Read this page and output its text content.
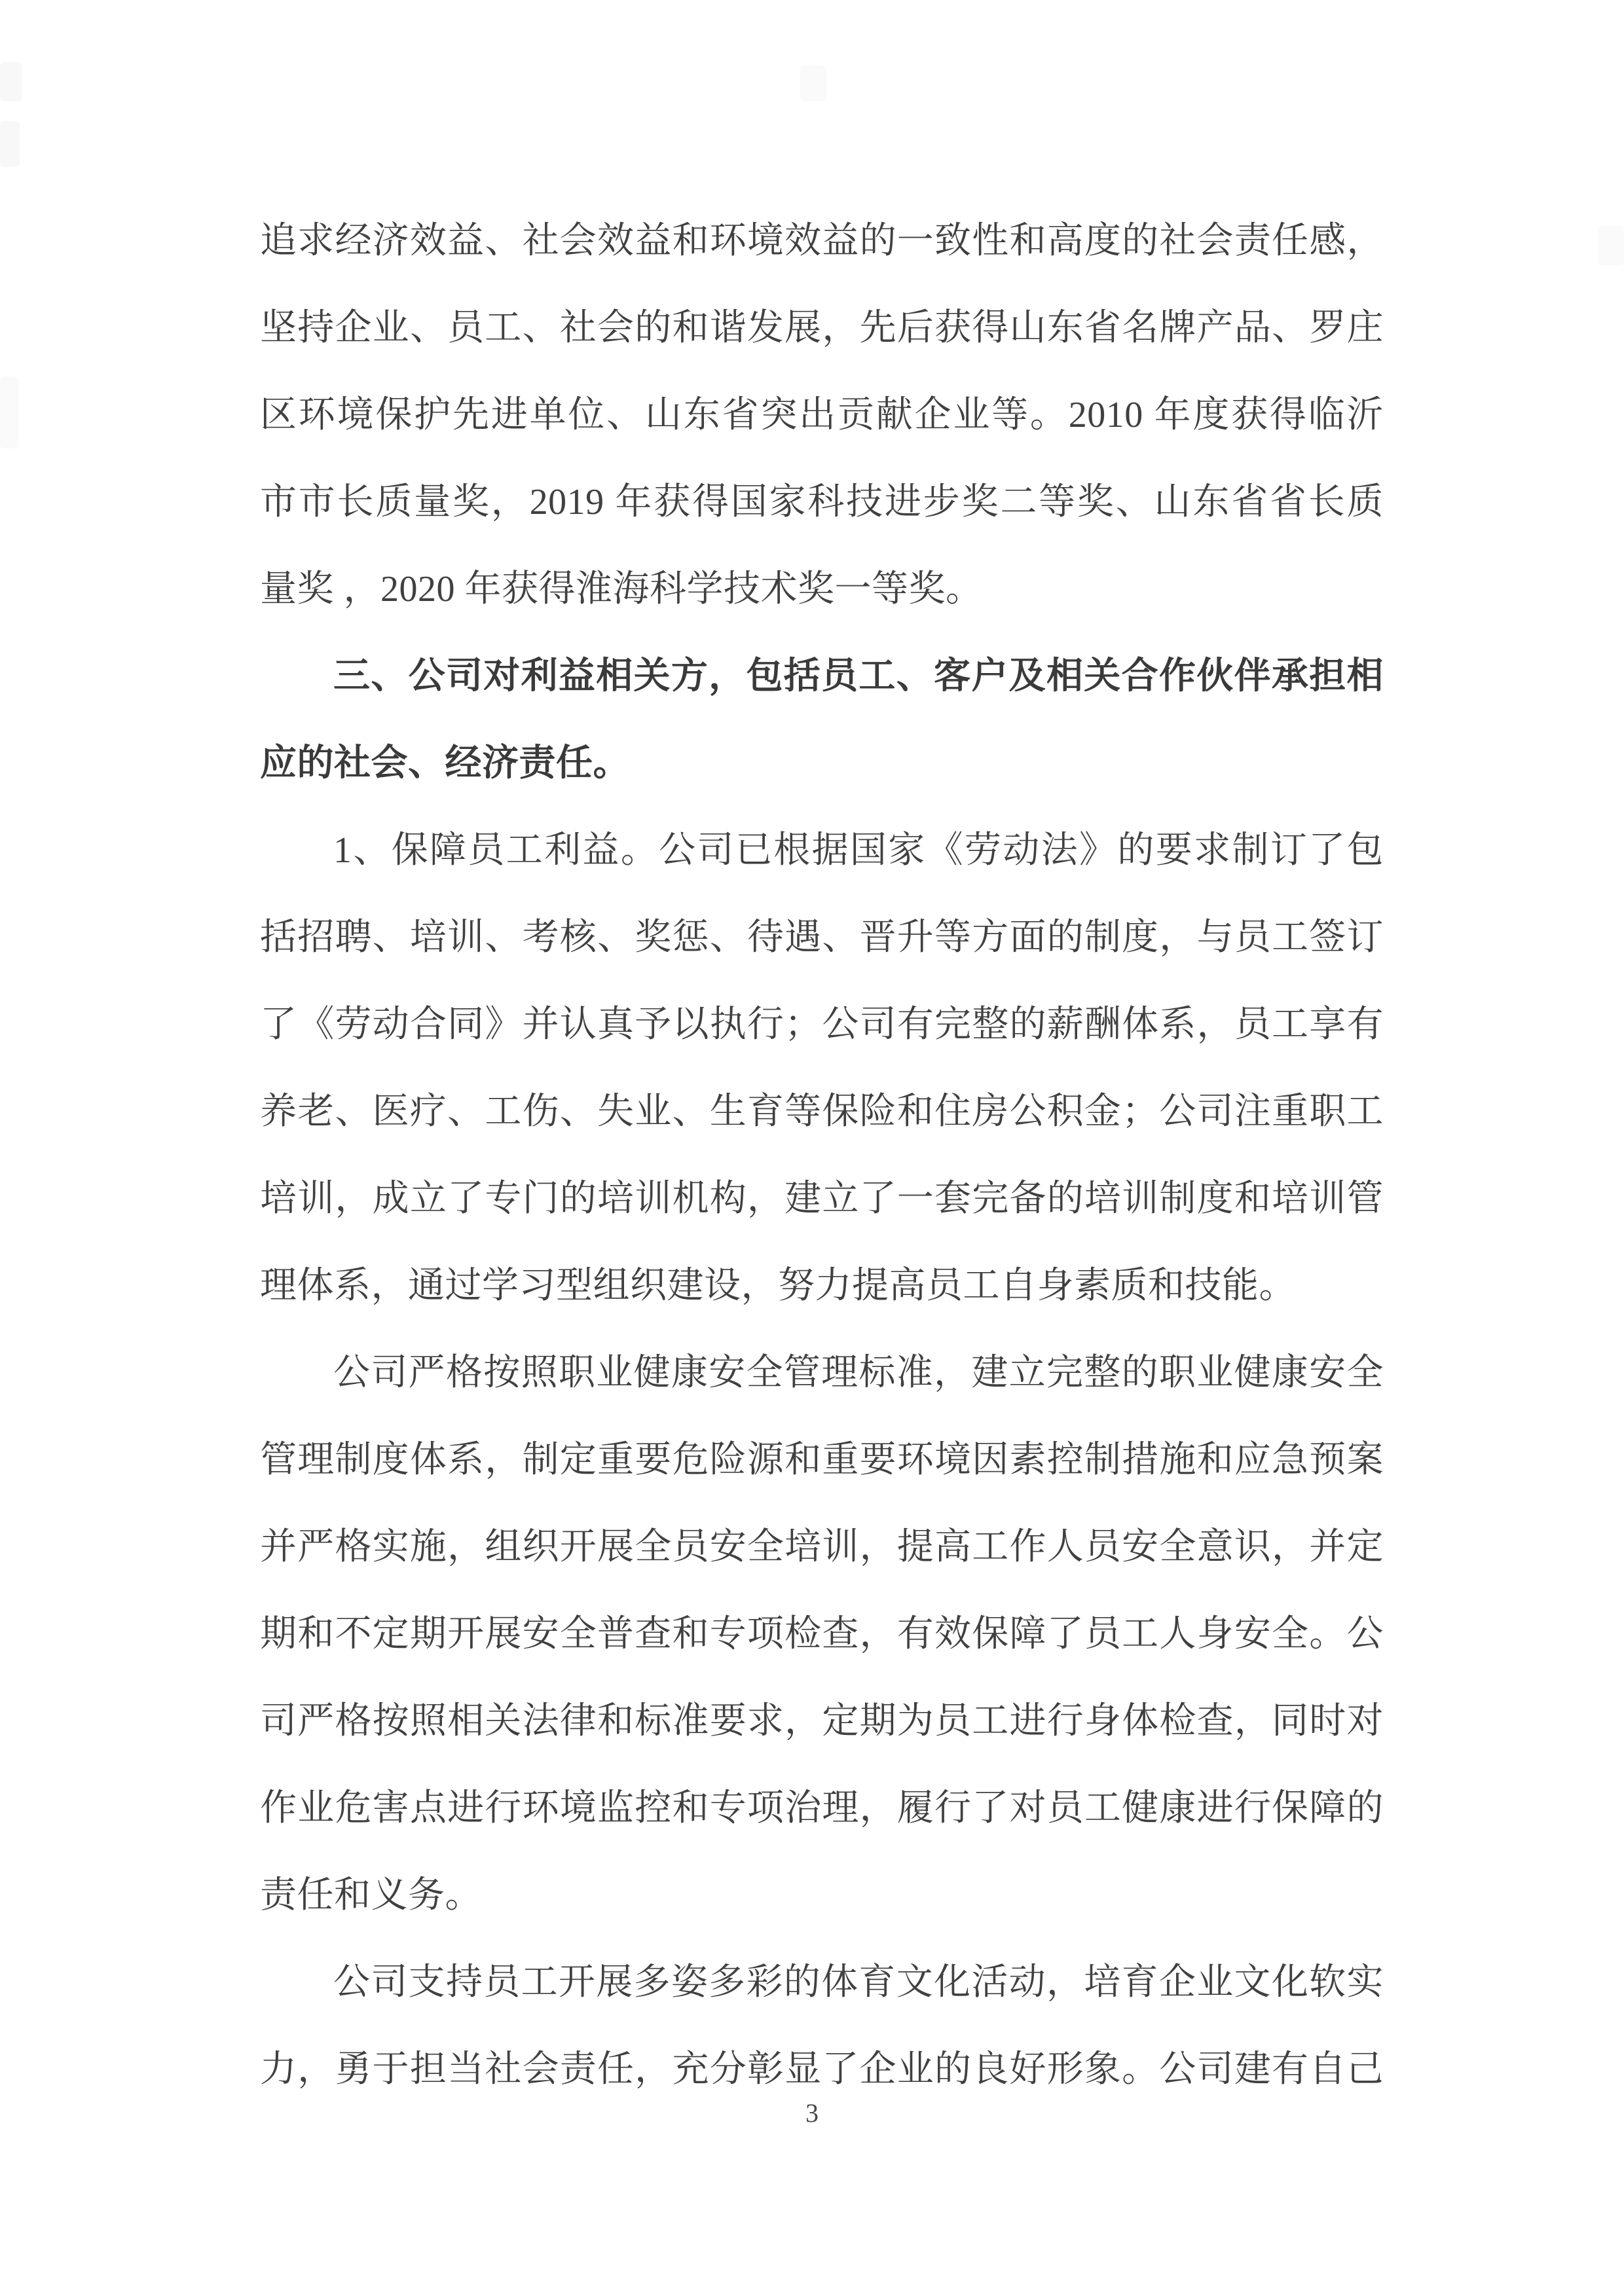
追求经济效益、社会效益和环境效益的一致性和高度的社会责任感，
坚持企业、员工、社会的和谐发展，先后获得山东省名牌产品、罗庄
区环境保护先进单位、山东省突出贡献企业等。2010 年度获得临沂
市市长质量奖，2019 年获得国家科技进步奖二等奖、山东省省长质
量奖 ，2020 年获得淮海科学技术奖一等奖。
三、公司对利益相关方，包括员工、客户及相关合作伙伴承担相
应的社会、经济责任。
1、保障员工利益。公司已根据国家《劳动法》的要求制订了包
括招聘、培训、考核、奖惩、待遇、晋升等方面的制度，与员工签订
了《劳动合同》并认真予以执行；公司有完整的薪酬体系，员工享有
养老、医疗、工伤、失业、生育等保险和住房公积金；公司注重职工
培训，成立了专门的培训机构，建立了一套完备的培训制度和培训管
理体系，通过学习型组织建设，努力提高员工自身素质和技能。
公司严格按照职业健康安全管理标准，建立完整的职业健康安全
管理制度体系，制定重要危险源和重要环境因素控制措施和应急预案
并严格实施，组织开展全员安全培训，提高工作人员安全意识，并定
期和不定期开展安全普查和专项检查，有效保障了员工人身安全。公
司严格按照相关法律和标准要求，定期为员工进行身体检查，同时对
作业危害点进行环境监控和专项治理，履行了对员工健康进行保障的
责任和义务。
公司支持员工开展多姿多彩的体育文化活动，培育企业文化软实
力，勇于担当社会责任，充分彰显了企业的良好形象。公司建有自己
3
